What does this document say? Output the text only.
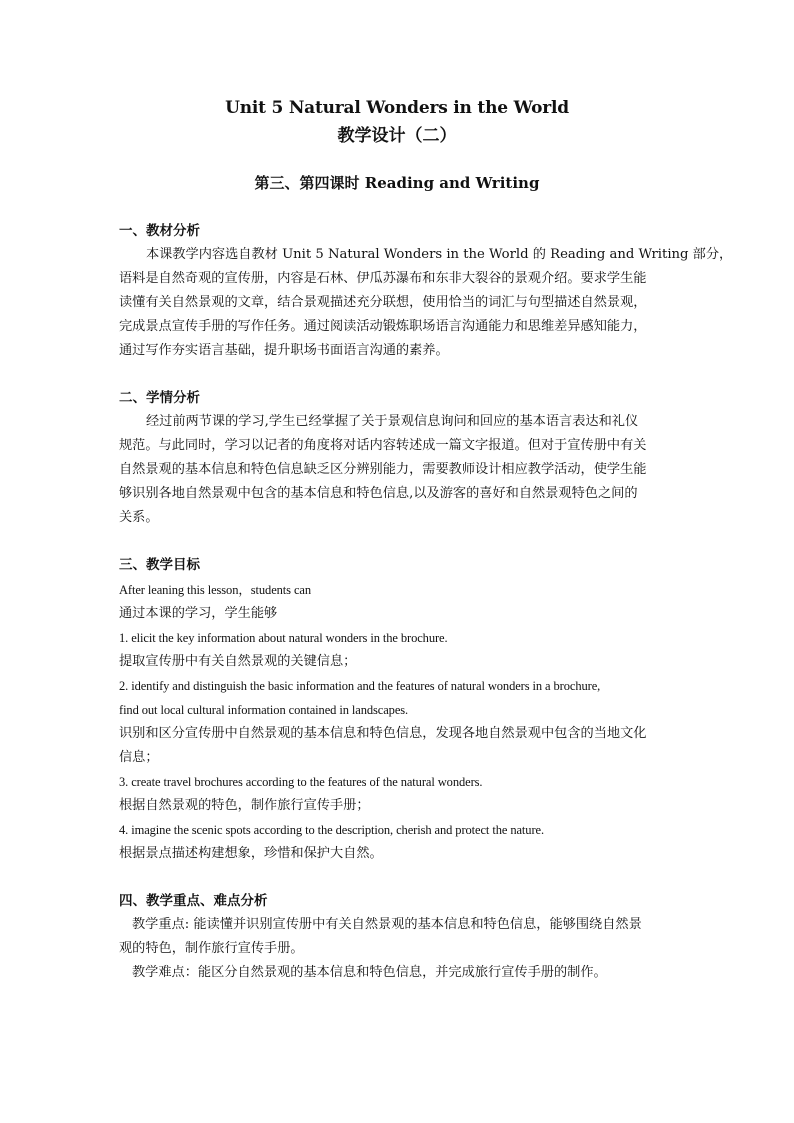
Unit 5 Natural Wonders in the World
教学设计（二）
第三、第四课时 Reading and Writing
一、教材分析
本课教学内容选自教材 Unit 5 Natural Wonders in the World 的 Reading and Writing 部分，
语料是自然奇观的宣传册，内容是石林、伊瓜苏瀑布和东非大裂谷的景观介绍。要求学生能
读懂有关自然景观的文章，结合景观描述充分联想，使用恰当的词汇与句型描述自然景观，
完成景点宣传手册的写作任务。通过阅读活动锻炼职场语言沟通能力和思维差异感知能力，
通过写作夯实语言基础，提升职场书面语言沟通的素养。
二、学情分析
经过前两节课的学习,学生已经掌握了关于景观信息询问和回应的基本语言表达和礼仪
规范。与此同时，学习以记者的角度将对话内容转述成一篇文字报道。但对于宣传册中有关
自然景观的基本信息和特色信息缺乏区分辨别能力，需要教师设计相应教学活动，使学生能
够识别各地自然景观中包含的基本信息和特色信息,以及游客的喜好和自然景观特色之间的
关系。
三、教学目标
After leaning this lesson，students can
通过本课的学习，学生能够
1. elicit the key information about natural wonders in the brochure.
提取宣传册中有关自然景观的关键信息；
2. identify and distinguish the basic information and the features of natural wonders in a brochure,
find out local cultural information contained in landscapes.
识别和区分宣传册中自然景观的基本信息和特色信息，发现各地自然景观中包含的当地文化
信息；
3. create travel brochures according to the features of the natural wonders.
根据自然景观的特色，制作旅行宣传手册；
4. imagine the scenic spots according to the description, cherish and protect the nature.
根据景点描述构建想象，珍惜和保护大自然。
四、教学重点、难点分析
教学重点: 能读懂并识别宣传册中有关自然景观的基本信息和特色信息，能够围绕自然景
观的特色，制作旅行宣传手册。
教学难点：能区分自然景观的基本信息和特色信息，并完成旅行宣传手册的制作。
